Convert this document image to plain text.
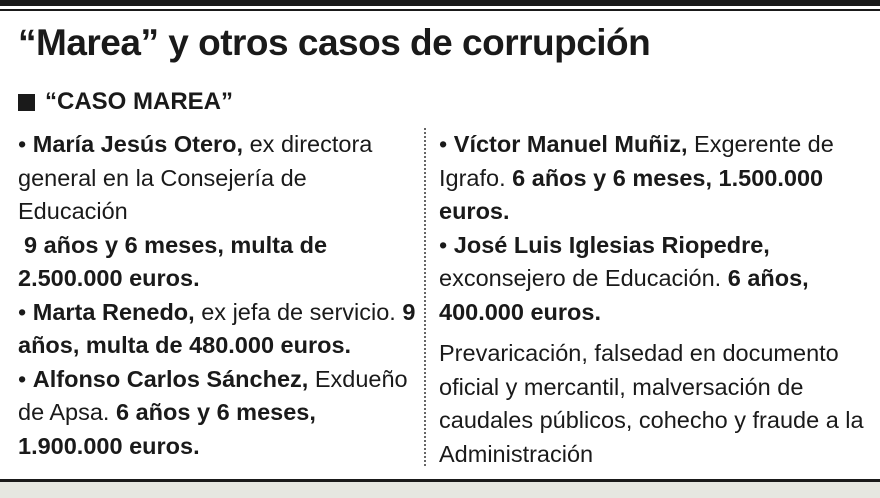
“Marea” y otros casos de corrupción
“CASO MAREA”

• María Jesús Otero, ex directora general en la Consejería de Educación
9 años y 6 meses, multa de 2.500.000 euros.

• Marta Renedo, ex jefa de servicio. 9 años, multa de 480.000 euros.

• Alfonso Carlos Sánchez, Exdueño de Apsa. 6 años y 6 meses, 1.900.000 euros.

• Víctor Manuel Muñiz, Exgerente de Igrafo. 6 años y 6 meses, 1.500.000 euros.

• José Luis Iglesias Riopedre, exconsejero de Educación. 6 años, 400.000 euros.

Prevaricación, falsedad en documento oficial y mercantil, malversación de caudales públicos, cohecho y fraude a la Administración
